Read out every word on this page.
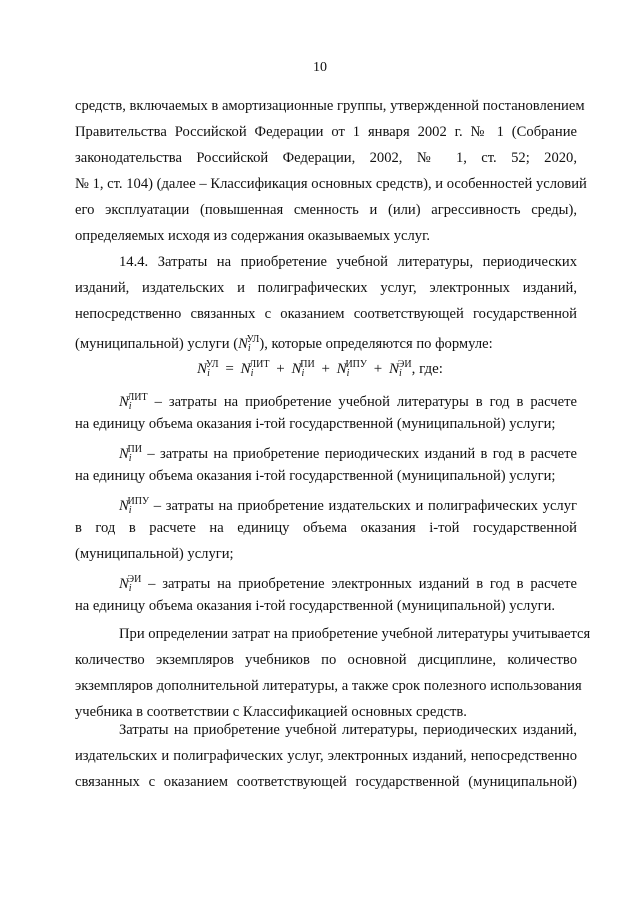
10
средств, включаемых в амортизационные группы, утвержденной постановлением
Правительства Российской Федерации от 1 января 2002 г. № 1 (Собрание
законодательства Российской Федерации, 2002, № 1, ст. 52; 2020,
№ 1, ст. 104) (далее – Классификация основных средств), и особенностей условий
его эксплуатации (повышенная сменность и (или) агрессивность среды),
определяемых исходя из содержания оказываемых услуг.
14.4. Затраты на приобретение учебной литературы, периодических
изданий, издательских и полиграфических услуг, электронных изданий,
непосредственно связанных с оказанием соответствующей государственной
(муниципальной) услуги $(N_i^{УЛ})$, которые определяются по формуле:
$N_i^{УЛ} = N_i^{ЛИТ} + N_i^{ПИ} + N_i^{ИПУ} + N_i^{ЭИ}$, где:
$N_i^{ЛИТ}$ – затраты на приобретение учебной литературы в год в расчете
на единицу объема оказания i-той государственной (муниципальной) услуги;
$N_i^{ПИ}$ – затраты на приобретение периодических изданий в год в расчете
на единицу объема оказания i-той государственной (муниципальной) услуги;
$N_i^{ИПУ}$ – затраты на приобретение издательских и полиграфических услуг
в год в расчете на единицу объема оказания i-той государственной
(муниципальной) услуги;
$N_i^{ЭИ}$ – затраты на приобретение электронных изданий в год в расчете
на единицу объема оказания i-той государственной (муниципальной) услуги.
При определении затрат на приобретение учебной литературы учитывается
количество экземпляров учебников по основной дисциплине, количество
экземпляров дополнительной литературы, а также срок полезного использования
учебника в соответствии с Классификацией основных средств.
Затраты на приобретение учебной литературы, периодических изданий,
издательских и полиграфических услуг, электронных изданий, непосредственно
связанных с оказанием соответствующей государственной (муниципальной)
